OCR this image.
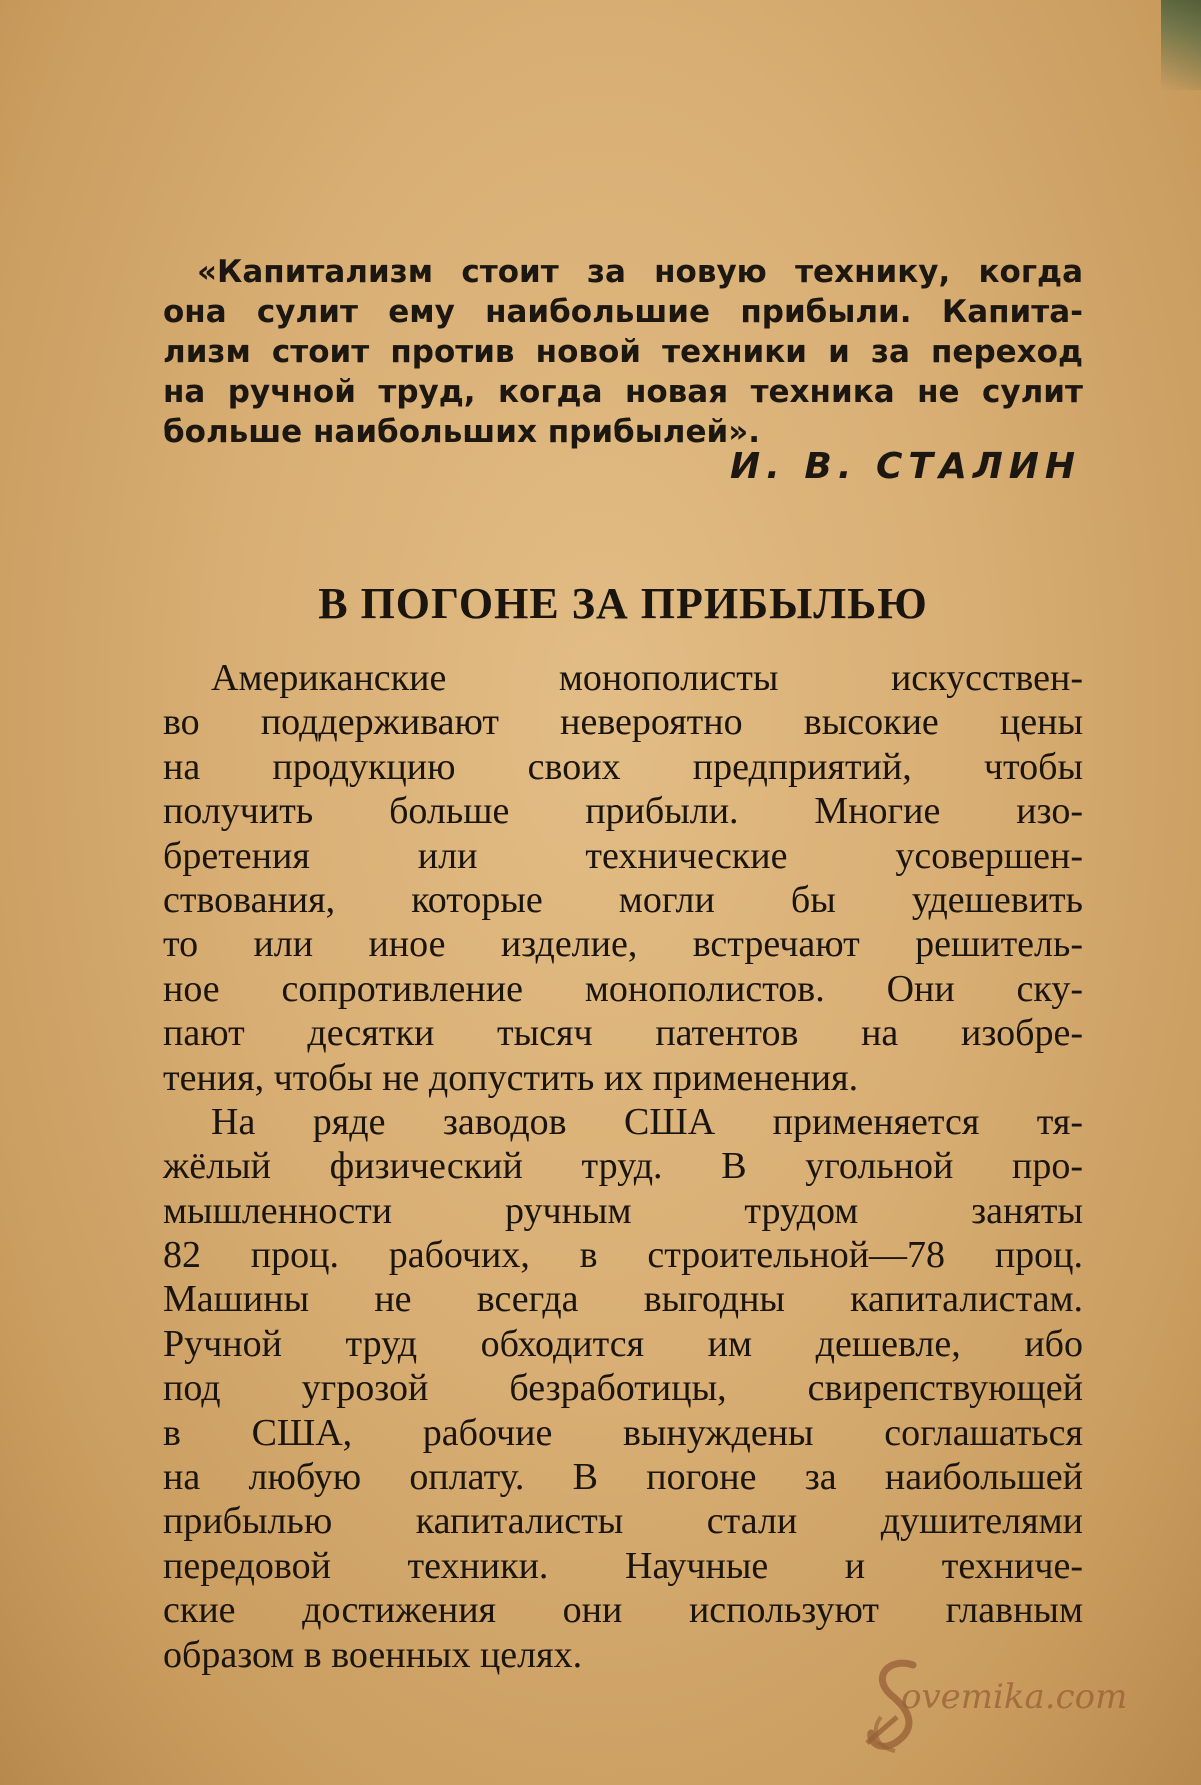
«Капитализм стоит за новую технику, когда
она сулит ему наибольшие прибыли. Капита-
лизм стоит против новой техники и за переход
на ручной труд, когда новая техника не сулит
больше наибольших прибылей».
И. В. СТАЛИН
В ПОГОНЕ ЗА ПРИБЫЛЬЮ
Американские монополисты искусствен-
во поддерживают невероятно высокие цены
на продукцию своих предприятий, чтобы
получить больше прибыли. Многие изо-
бретения или технические усовершен-
ствования, которые могли бы удешевить
то или иное изделие, встречают решитель-
ное сопротивление монополистов. Они ску-
пают десятки тысяч патентов на изобре-
тения, чтобы не допустить их применения.
На ряде заводов США применяется тя-
жёлый физический труд. В угольной про-
мышленности ручным трудом заняты
82 проц. рабочих, в строительной—78 проц.
Машины не всегда выгодны капиталистам.
Ручной труд обходится им дешевле, ибо
под угрозой безработицы, свирепствующей
в США, рабочие вынуждены соглашаться
на любую оплату. В погоне за наибольшей
прибылью капиталисты стали душителями
передовой техники. Научные и техниче-
ские достижения они используют главным
образом в военных целях.
oveтika.com
